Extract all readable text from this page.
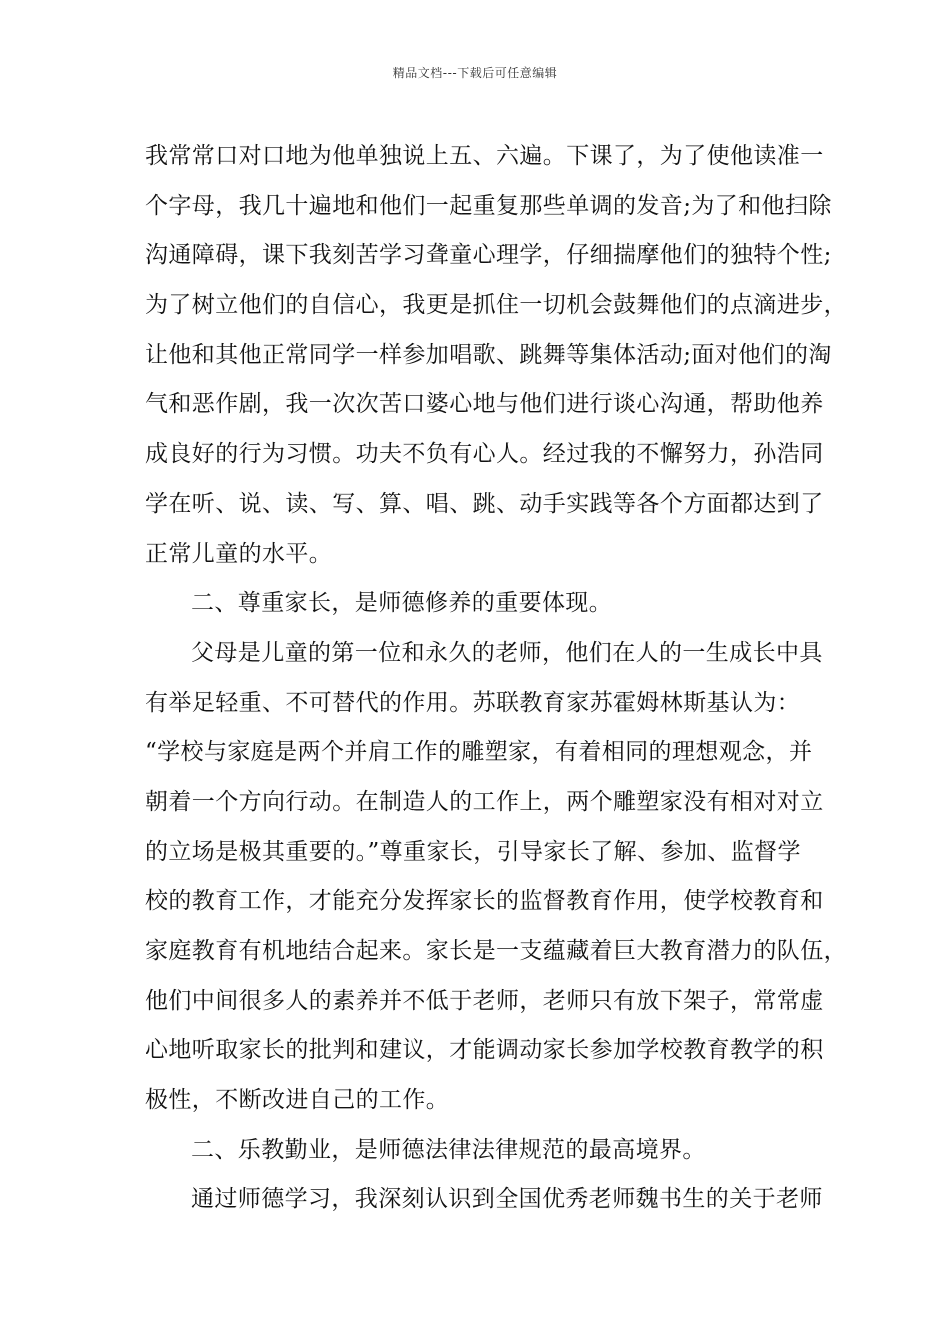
精品文档---下载后可任意编辑
我常常口对口地为他单独说上五、六遍。下课了，为了使他读准一
个字母，我几十遍地和他们一起重复那些单调的发音;为了和他扫除
沟通障碍，课下我刻苦学习聋童心理学，仔细揣摩他们的独特个性;
为了树立他们的自信心，我更是抓住一切机会鼓舞他们的点滴进步，
让他和其他正常同学一样参加唱歌、跳舞等集体活动;面对他们的淘
气和恶作剧，我一次次苦口婆心地与他们进行谈心沟通，帮助他养
成良好的行为习惯。功夫不负有心人。经过我的不懈努力，孙浩同
学在听、说、读、写、算、唱、跳、动手实践等各个方面都达到了
正常儿童的水平。
二、尊重家长，是师德修养的重要体现。
父母是儿童的第一位和永久的老师，他们在人的一生成长中具
有举足轻重、不可替代的作用。苏联教育家苏霍姆林斯基认为：
“学校与家庭是两个并肩工作的雕塑家，有着相同的理想观念，并
朝着一个方向行动。在制造人的工作上，两个雕塑家没有相对对立
的立场是极其重要的。”尊重家长，引导家长了解、参加、监督学
校的教育工作，才能充分发挥家长的监督教育作用，使学校教育和
家庭教育有机地结合起来。家长是一支蕴藏着巨大教育潜力的队伍，
他们中间很多人的素养并不低于老师，老师只有放下架子，常常虚
心地听取家长的批判和建议，才能调动家长参加学校教育教学的积
极性，不断改进自己的工作。
二、乐教勤业，是师德法律法律规范的最高境界。
通过师德学习，我深刻认识到全国优秀老师魏书生的关于老师
